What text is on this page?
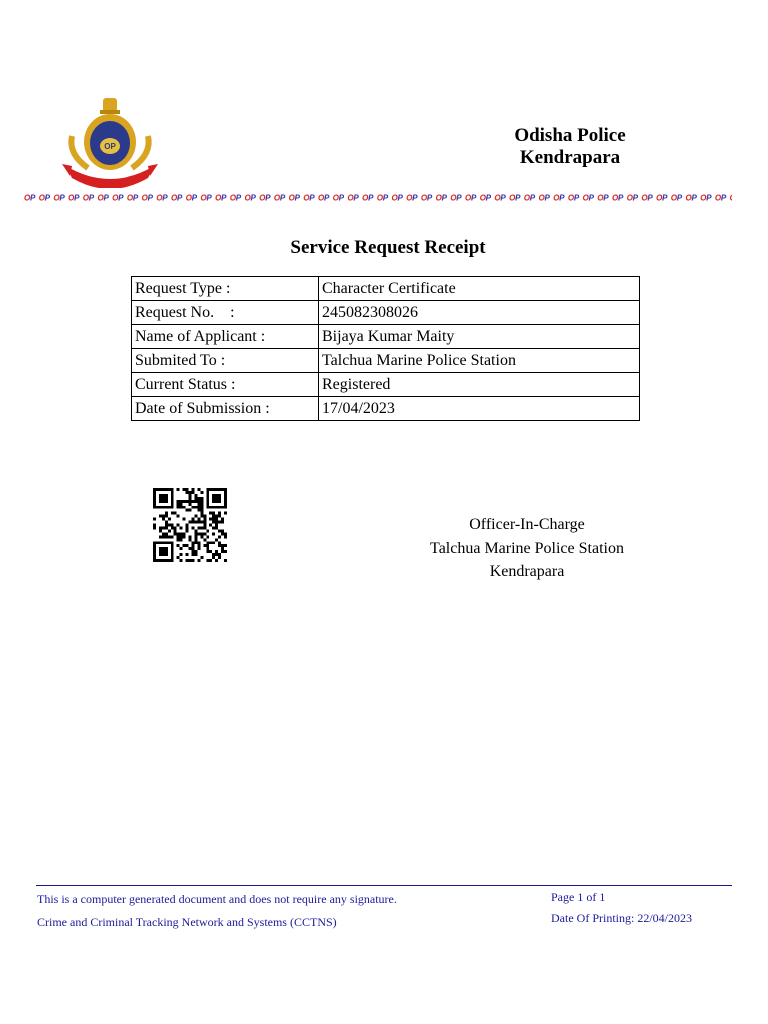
OP
Odisha Police
Kendrapara
Service Request Receipt
Request Type :	Character Certificate
Request No.    :	245082308026
Name of Applicant :	Bijaya Kumar Maity
Submited To :	Talchua Marine Police Station
Current Status :	Registered
Date of Submission :	17/04/2023
Officer-In-Charge
Talchua Marine Police Station
Kendrapara
This is a computer generated document and does not require any signature.
Crime and Criminal Tracking Network and Systems (CCTNS)
Page 1 of 1
Date Of Printing: 22/04/2023
